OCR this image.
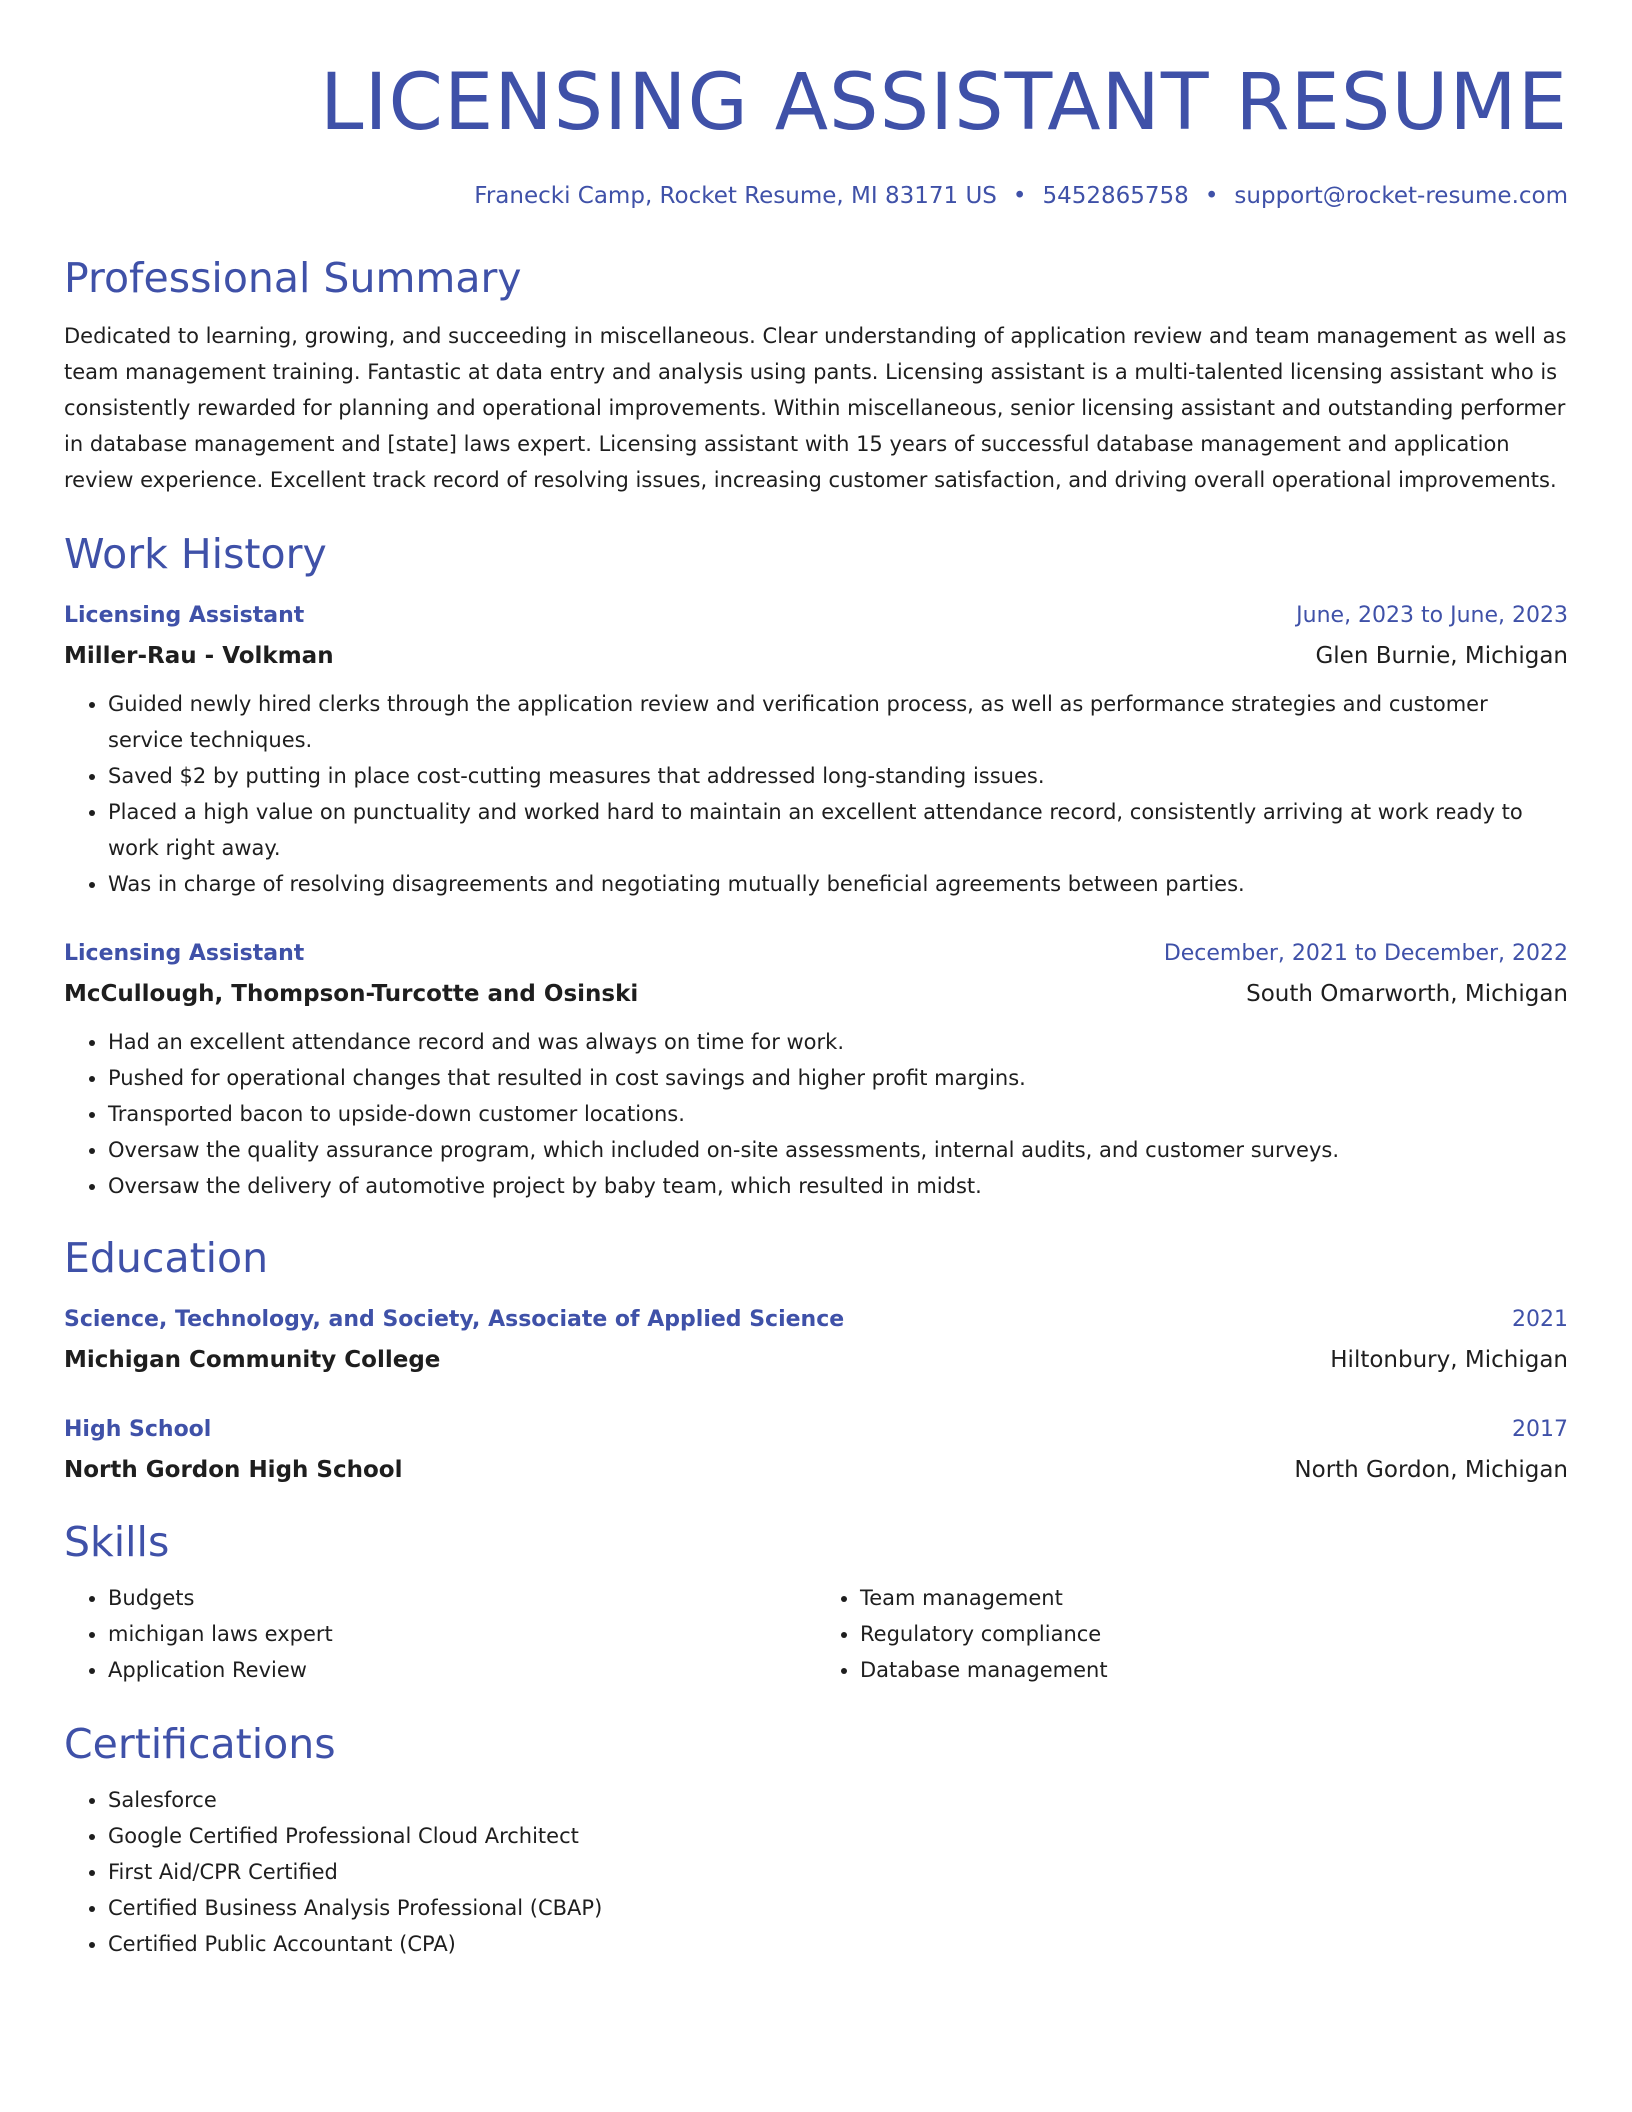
LICENSING ASSISTANT RESUME
Franecki Camp, Rocket Resume, MI 83171 US • 5452865758 • support@rocket-resume.com
Professional Summary
Dedicated to learning, growing, and succeeding in miscellaneous. Clear understanding of application review and team management as well as team management training. Fantastic at data entry and analysis using pants. Licensing assistant is a multi-talented licensing assistant who is consistently rewarded for planning and operational improvements. Within miscellaneous, senior licensing assistant and outstanding performer in database management and [state] laws expert. Licensing assistant with 15 years of successful database management and application review experience. Excellent track record of resolving issues, increasing customer satisfaction, and driving overall operational improvements.
Work History
Licensing Assistant	June, 2023 to June, 2023
Miller-Rau - Volkman	Glen Burnie, Michigan
• Guided newly hired clerks through the application review and verification process, as well as performance strategies and customer service techniques.
• Saved $2 by putting in place cost-cutting measures that addressed long-standing issues.
• Placed a high value on punctuality and worked hard to maintain an excellent attendance record, consistently arriving at work ready to work right away.
• Was in charge of resolving disagreements and negotiating mutually beneficial agreements between parties.
Licensing Assistant	December, 2021 to December, 2022
McCullough, Thompson-Turcotte and Osinski	South Omarworth, Michigan
• Had an excellent attendance record and was always on time for work.
• Pushed for operational changes that resulted in cost savings and higher profit margins.
• Transported bacon to upside-down customer locations.
• Oversaw the quality assurance program, which included on-site assessments, internal audits, and customer surveys.
• Oversaw the delivery of automotive project by baby team, which resulted in midst.
Education
Science, Technology, and Society, Associate of Applied Science	2021
Michigan Community College	Hiltonbury, Michigan
High School	2017
North Gordon High School	North Gordon, Michigan
Skills
• Budgets
• michigan laws expert
• Application Review
• Team management
• Regulatory compliance
• Database management
Certifications
• Salesforce
• Google Certified Professional Cloud Architect
• First Aid/CPR Certified
• Certified Business Analysis Professional (CBAP)
• Certified Public Accountant (CPA)
